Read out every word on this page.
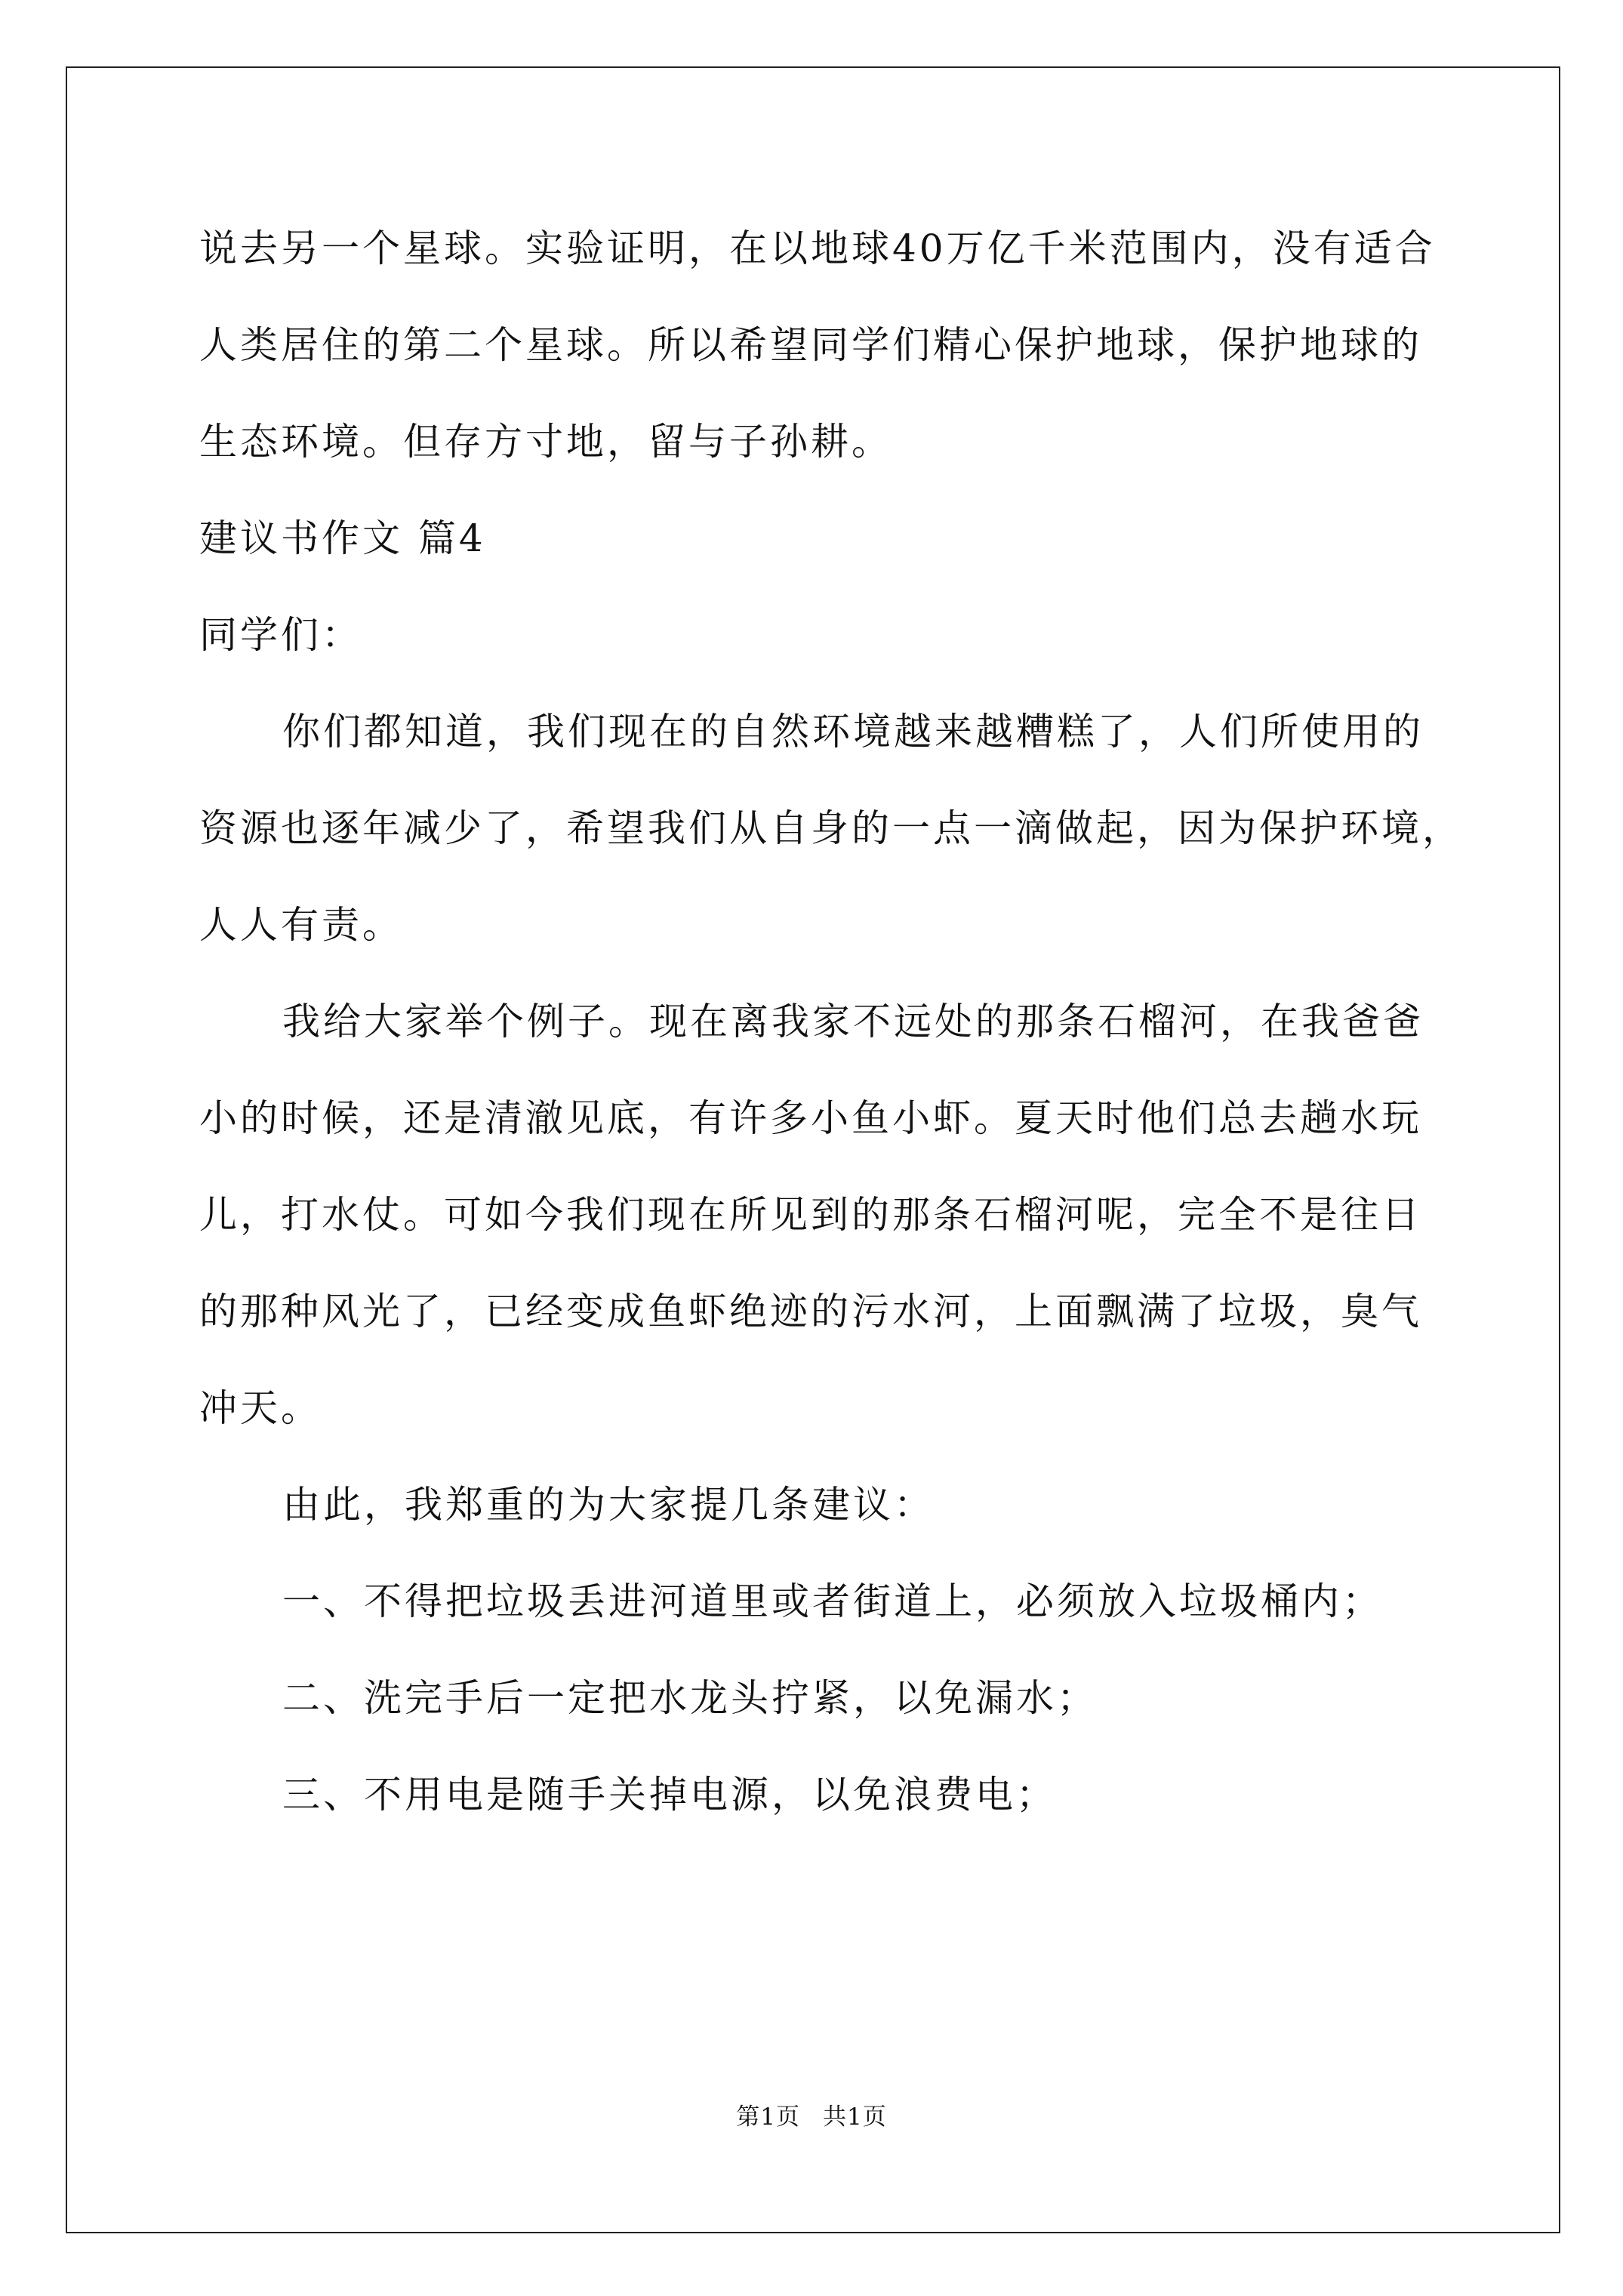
说去另一个星球。实验证明，在以地球40万亿千米范围内，没有适合
人类居住的第二个星球。所以希望同学们精心保护地球，保护地球的
生态环境。但存方寸地，留与子孙耕。
建议书作文 篇4
同学们：
你们都知道，我们现在的自然环境越来越糟糕了，人们所使用的
资源也逐年减少了，希望我们从自身的一点一滴做起，因为保护环境，
人人有责。
我给大家举个例子。现在离我家不远处的那条石榴河，在我爸爸
小的时候，还是清澈见底，有许多小鱼小虾。夏天时他们总去趟水玩
儿，打水仗。可如今我们现在所见到的那条石榴河呢，完全不是往日
的那种风光了，已经变成鱼虾绝迹的污水河，上面飘满了垃圾，臭气
冲天。
由此，我郑重的为大家提几条建议：
一、不得把垃圾丢进河道里或者街道上，必须放入垃圾桶内；
二、洗完手后一定把水龙头拧紧，以免漏水；
三、不用电是随手关掉电源，以免浪费电；
第1页 共1页
